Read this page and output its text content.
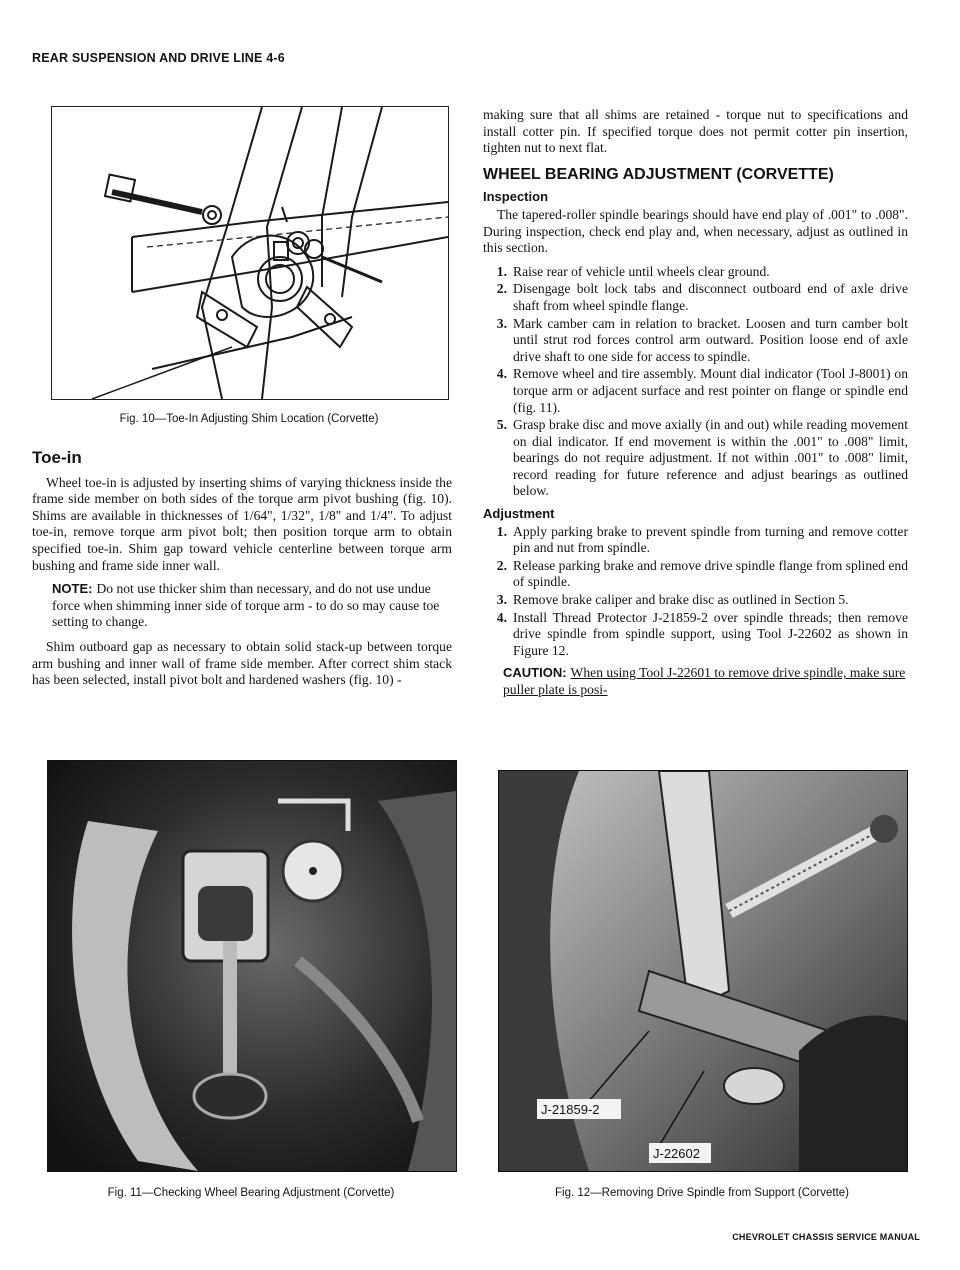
REAR SUSPENSION AND DRIVE LINE 4-6
Fig. 10—Toe-In Adjusting Shim Location (Corvette)
Toe-in

Wheel toe-in is adjusted by inserting shims of varying thickness inside the frame side member on both sides of the torque arm pivot bushing (fig. 10). Shims are available in thicknesses of 1/64", 1/32", 1/8" and 1/4". To adjust toe-in, remove torque arm pivot bolt; then position torque arm to obtain specified toe-in. Shim gap toward vehicle centerline between torque arm bushing and frame side inner wall.

NOTE: Do not use thicker shim than necessary, and do not use undue force when shimming inner side of torque arm - to do so may cause toe setting to change.

Shim outboard gap as necessary to obtain solid stack-up between torque arm bushing and inner wall of frame side member. After correct shim stack has been selected, install pivot bolt and hardened washers (fig. 10) -

making sure that all shims are retained - torque nut to specifications and install cotter pin. If specified torque does not permit cotter pin insertion, tighten nut to next flat.

WHEEL BEARING ADJUSTMENT (CORVETTE)
Inspection

The tapered-roller spindle bearings should have end play of .001" to .008". During inspection, check end play and, when necessary, adjust as outlined in this section.

1. Raise rear of vehicle until wheels clear ground.
2. Disengage bolt lock tabs and disconnect outboard end of axle drive shaft from wheel spindle flange.
3. Mark camber cam in relation to bracket. Loosen and turn camber bolt until strut rod forces control arm outward. Position loose end of axle drive shaft to one side for access to spindle.
4. Remove wheel and tire assembly. Mount dial indicator (Tool J-8001) on torque arm or adjacent surface and rest pointer on flange or spindle end (fig. 11).
5. Grasp brake disc and move axially (in and out) while reading movement on dial indicator. If end movement is within the .001" to .008" limit, bearings do not require adjustment. If not within .001" to .008" limit, record reading for future reference and adjust bearings as outlined below.
Adjustment
1. Apply parking brake to prevent spindle from turning and remove cotter pin and nut from spindle.
2. Release parking brake and remove drive spindle flange from splined end of spindle.
3. Remove brake caliper and brake disc as outlined in Section 5.
4. Install Thread Protector J-21859-2 over spindle threads; then remove drive spindle from spindle support, using Tool J-22602 as shown in Figure 12.
CAUTION: When using Tool J-22601 to remove drive spindle, make sure puller plate is posi-
Fig. 11—Checking Wheel Bearing Adjustment (Corvette)
J-21859-2
J-22602
Fig. 12—Removing Drive Spindle from Support (Corvette)
CHEVROLET CHASSIS SERVICE MANUAL
